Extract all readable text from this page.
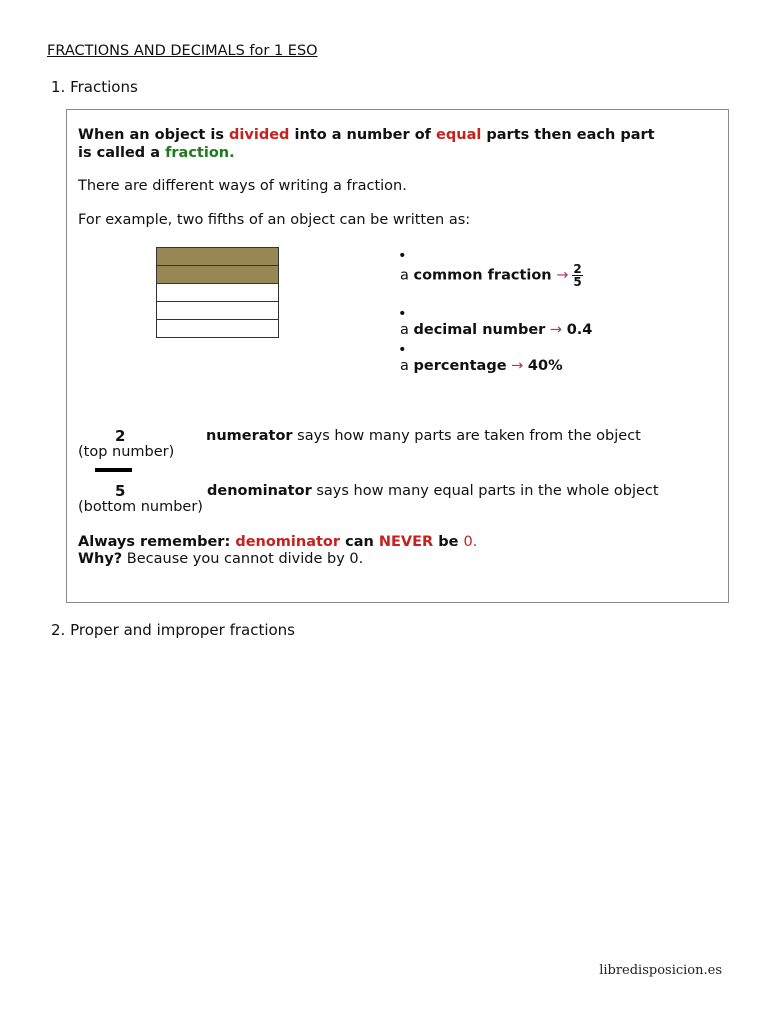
FRACTIONS AND DECIMALS for 1 ESO
1. Fractions
When an object is divided into a number of equal parts then each part
is called a fraction.
There are different ways of writing a fraction.
For example, two fifths of an object can be written as:
•
a common fraction → $\frac{2}{5}$
•
a decimal number → 0.4
•
a percentage → 40%
2	numerator says how many parts are taken from the object
(top number)
5	denominator says how many equal parts in the whole object
(bottom number)
Always remember: denominator can NEVER be 0.
Why? Because you cannot divide by 0.
2. Proper and improper fractions
libredisposicion.es
